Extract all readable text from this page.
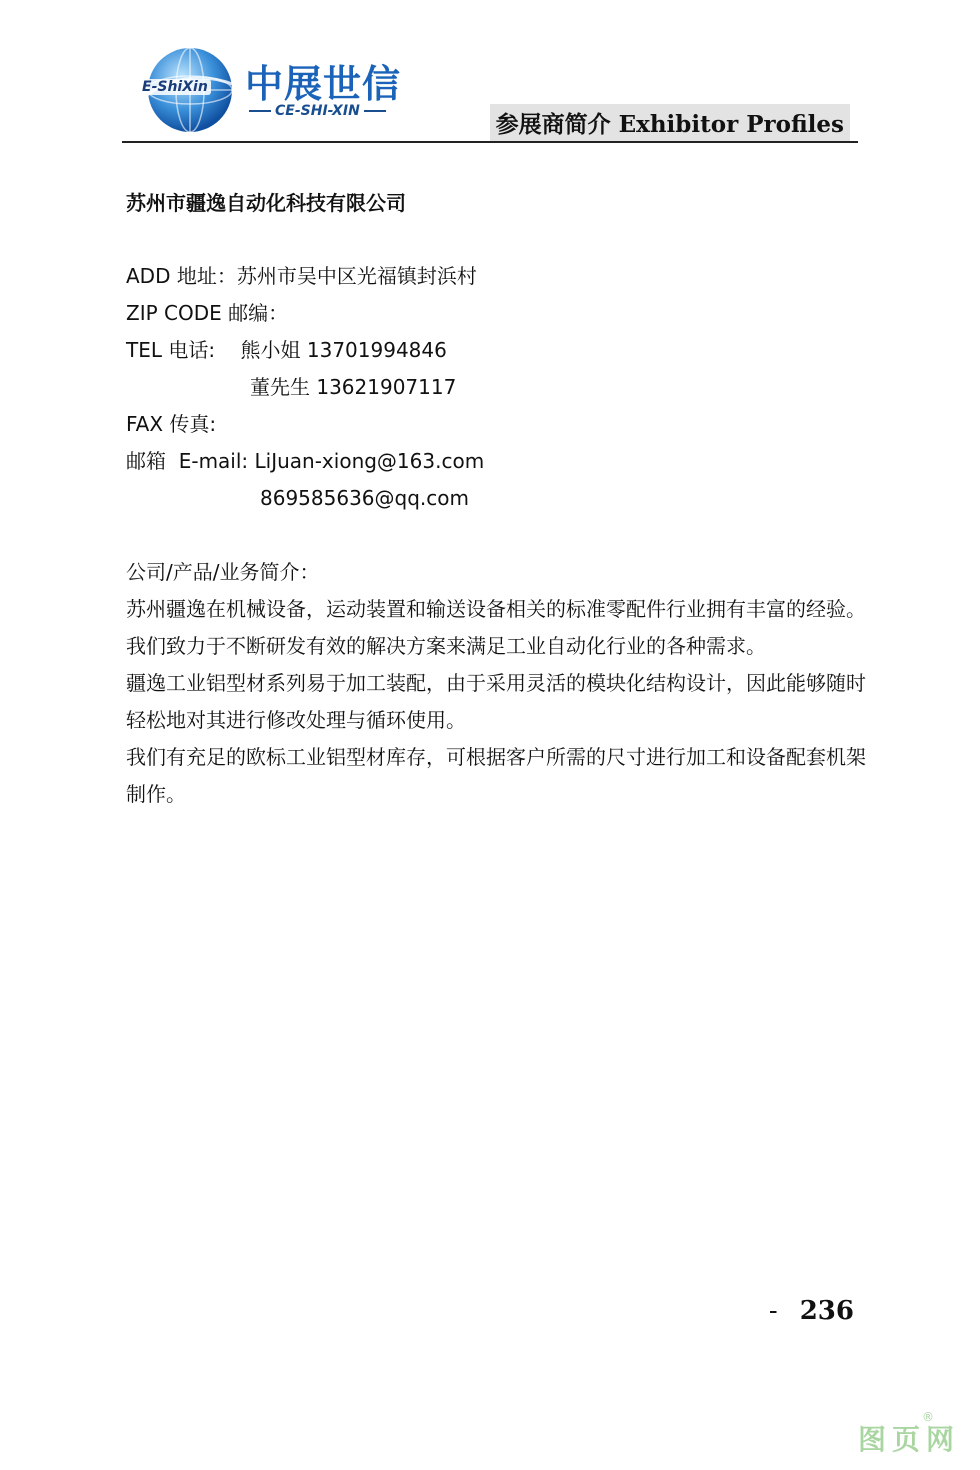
E-ShiXin 中展世信
CE-SHI-XIN	参展商简介 Exhibitor Profiles
苏州市疆逸自动化科技有限公司
ADD 地址：苏州市吴中区光福镇封浜村
ZIP CODE 邮编：
TEL 电话:    熊小姐 13701994846
董先生 13621907117
FAX 传真:
邮箱  E-mail: LiJuan-xiong@163.com
869585636@qq.com
公司/产品/业务简介：
苏州疆逸在机械设备，运动装置和输送设备相关的标准零配件行业拥有丰富的经验。我们致力于不断研发有效的解决方案来满足工业自动化行业的各种需求。
疆逸工业铝型材系列易于加工装配，由于采用灵活的模块化结构设计，因此能够随时轻松地对其进行修改处理与循环使用。
我们有充足的欧标工业铝型材库存，可根据客户所需的尺寸进行加工和设备配套机架制作。
- 236
图页网
®
